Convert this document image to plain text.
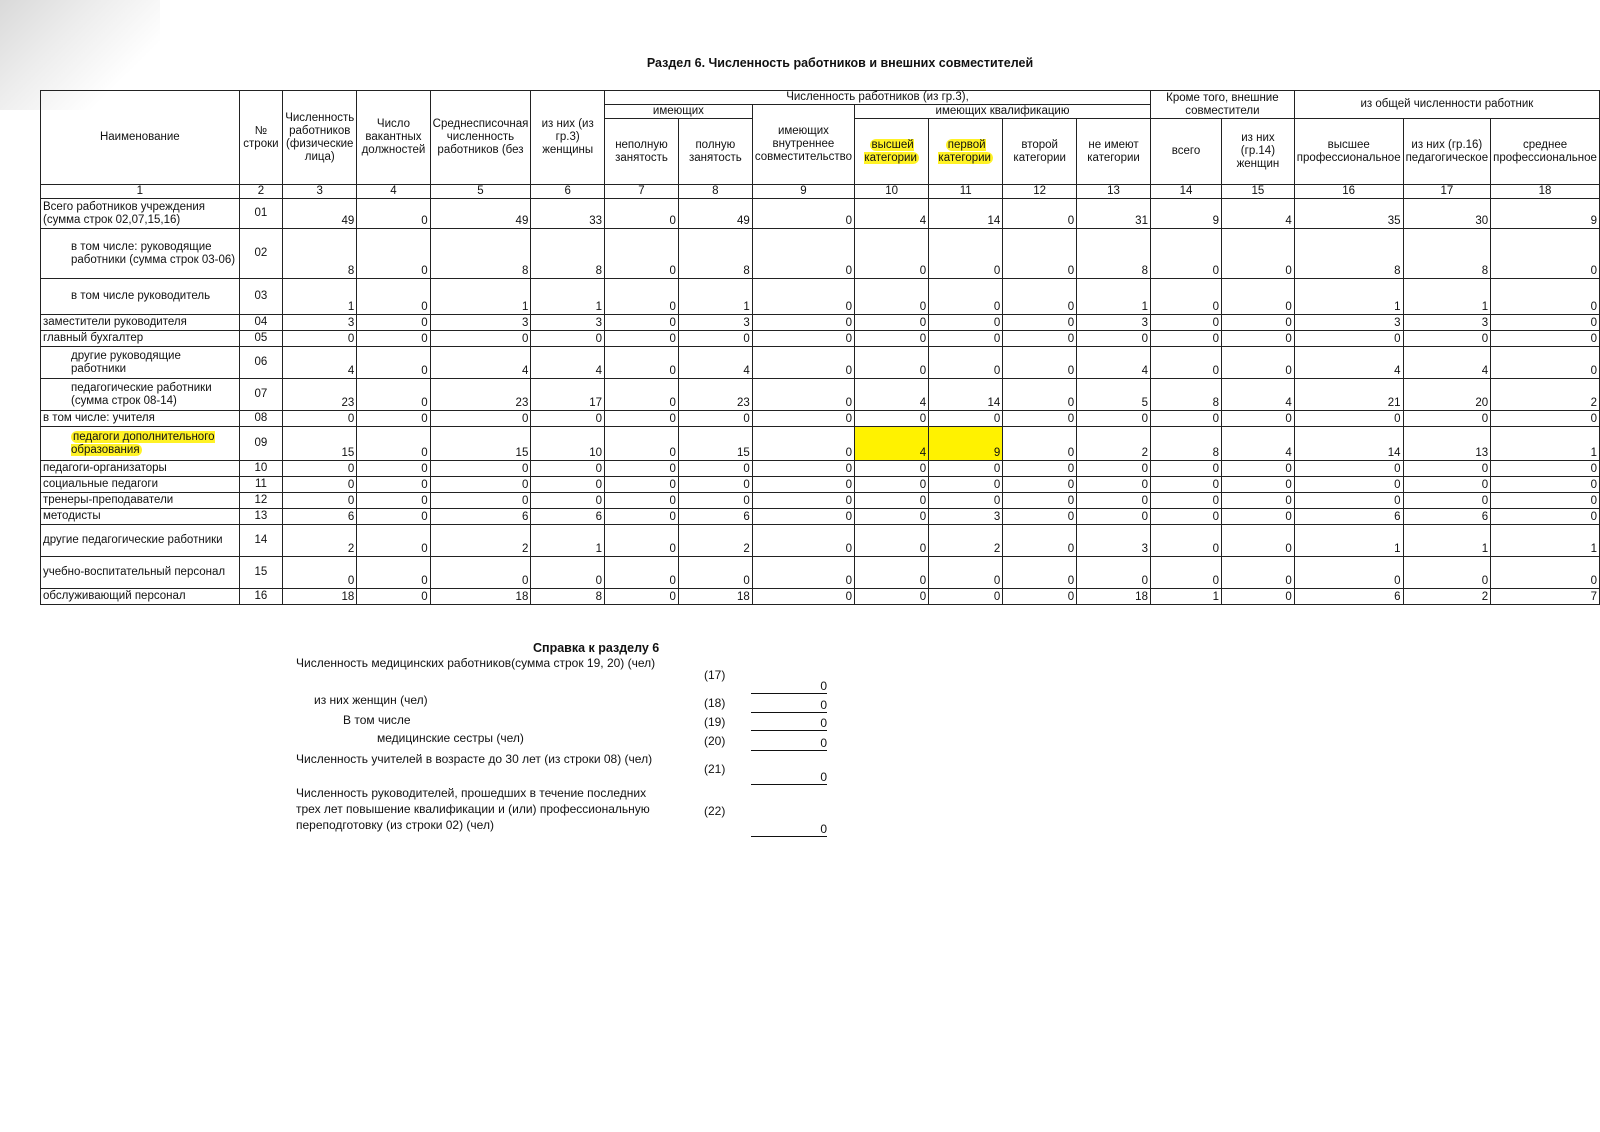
Раздел 6. Численность работников и внешних совместителей
Наименование	№ строки	Численность работников (физические лица)	Число вакантных должностей	Среднесписочная численность работников (без	из них (из гр.3) женщины	Численность работников (из гр.3),							Кроме того, внешние совместители		из общей численности работник		
						имеющих		имеющих внутреннее совместительство	имеющих квалификацию								
						неполную занятость	полную занятость		высшей категории	первой категории	второй категории	не имеют категории	всего	из них (гр.14) женщин	высшее профессиональное	из них (гр.16) педагогическое	среднее профессиональное
1	2	3	4	5	6	7	8	9	10	11	12	13	14	15	16	17	18
Всего работников учреждения (сумма строк 02,07,15,16)	01	49	0	49	33	0	49	0	4	14	0	31	9	4	35	30	9
в том числе: руководящие работники (сумма строк 03-06)	02	8	0	8	8	0	8	0	0	0	0	8	0	0	8	8	0
в том числе руководитель	03	1	0	1	1	0	1	0	0	0	0	1	0	0	1	1	0
заместители руководителя	04	3	0	3	3	0	3	0	0	0	0	3	0	0	3	3	0
главный бухгалтер	05	0	0	0	0	0	0	0	0	0	0	0	0	0	0	0	0
другие руководящие работники	06	4	0	4	4	0	4	0	0	0	0	4	0	0	4	4	0
педагогические работники (сумма строк 08-14)	07	23	0	23	17	0	23	0	4	14	0	5	8	4	21	20	2
в том числе: учителя	08	0	0	0	0	0	0	0	0	0	0	0	0	0	0	0	0
педагоги дополнительного образования	09	15	0	15	10	0	15	0	4	9	0	2	8	4	14	13	1
педагоги-организаторы	10	0	0	0	0	0	0	0	0	0	0	0	0	0	0	0	0
социальные педагоги	11	0	0	0	0	0	0	0	0	0	0	0	0	0	0	0	0
тренеры-преподаватели	12	0	0	0	0	0	0	0	0	0	0	0	0	0	0	0	0
методисты	13	6	0	6	6	0	6	0	0	3	0	0	0	0	6	6	0
другие педагогические работники	14	2	0	2	1	0	2	0	0	2	0	3	0	0	1	1	1
учебно-воспитательный персонал	15	0	0	0	0	0	0	0	0	0	0	0	0	0	0	0	0
обслуживающий персонал	16	18	0	18	8	0	18	0	0	0	0	18	1	0	6	2	7
Справка к разделу 6
Численность медицинских работников(сумма строк 19, 20) (чел)
(17)
0
из них женщин (чел)	(18)	0
В том числе	(19)	0
медицинские сестры (чел)	(20)	0
Численность учителей в возрасте до 30 лет (из строки 08) (чел)
(21)
0
Численность руководителей, прошедших в течение последних трех лет повышение квалификации и (или) профессиональную переподготовку (из строки 02) (чел)
(22)
0
